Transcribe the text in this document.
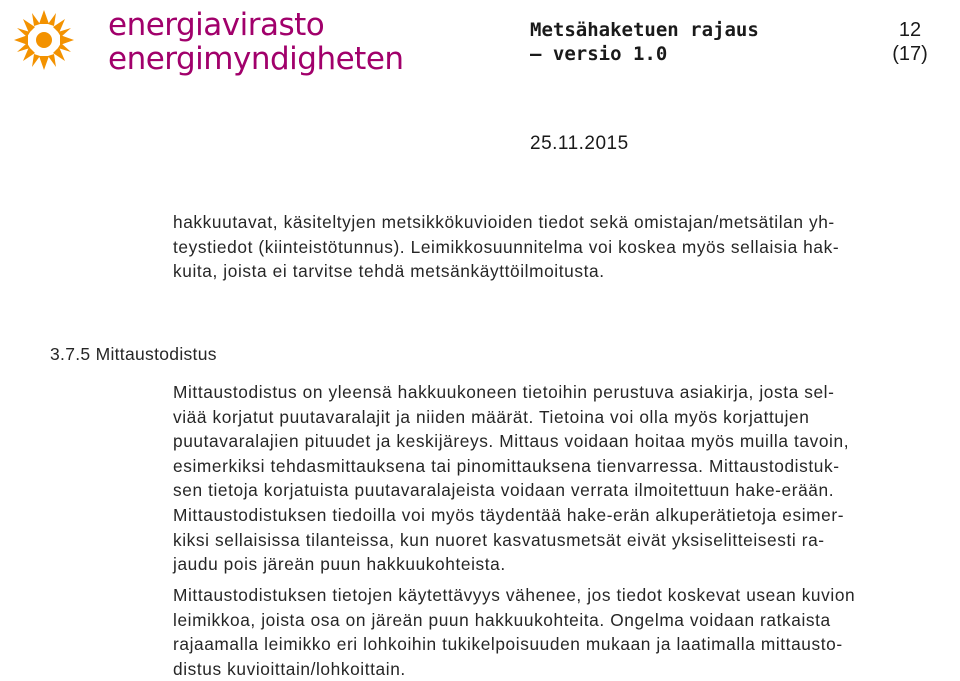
energiavirasto
energimyndigheten
Metsähaketuen rajaus
– versio 1.0
12
(17)
25.11.2015
hakkuutavat, käsiteltyjen metsikkökuvioiden tiedot sekä omistajan/metsätilan yh-
teystiedot (kiinteistötunnus). Leimikkosuunnitelma voi koskea myös sellaisia hak-
kuita, joista ei tarvitse tehdä metsänkäyttöilmoitusta.
3.7.5 Mittaustodistus
Mittaustodistus on yleensä hakkuukoneen tietoihin perustuva asiakirja, josta sel-
viää korjatut puutavaralajit ja niiden määrät. Tietoina voi olla myös korjattujen
puutavaralajien pituudet ja keskijäreys. Mittaus voidaan hoitaa myös muilla tavoin,
esimerkiksi tehdasmittauksena tai pinomittauksena tienvarressa. Mittaustodistuk-
sen tietoja korjatuista puutavaralajeista voidaan verrata ilmoitettuun hake-erään.
Mittaustodistuksen tiedoilla voi myös täydentää hake-erän alkuperätietoja esimer-
kiksi sellaisissa tilanteissa, kun nuoret kasvatusmetsät eivät yksiselitteisesti ra-
jaudu pois järeän puun hakkuukohteista.
Mittaustodistuksen tietojen käytettävyys vähenee, jos tiedot koskevat usean kuvion
leimikkoa, joista osa on järeän puun hakkuukohteita. Ongelma voidaan ratkaista
rajaamalla leimikko eri lohkoihin tukikelpoisuuden mukaan ja laatimalla mittausto-
distus kuvioittain/lohkoittain.
